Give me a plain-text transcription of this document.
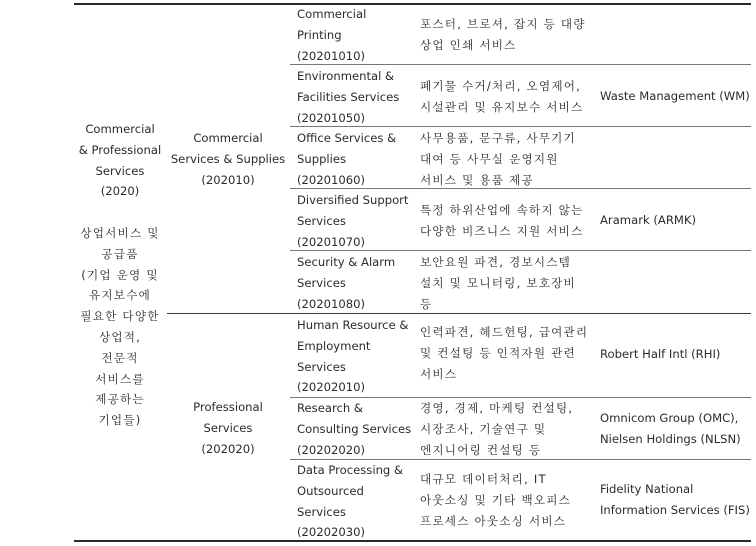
Commercial
& Professional
Services
(2020)
상업서비스 및
공급품
(기업 운영 및
유지보수에
필요한 다양한
상업적,
전문적
서비스를
제공하는
기업들)
Commercial
Services & Supplies
(202010)
Professional
Services
(202020)
Commercial
Printing
(20201010)
포스터, 브로셔, 잡지 등 대량
상업 인쇄 서비스
Environmental &
Facilities Services
(20201050)
폐기물 수거/처리, 오염제어,
시설관리 및 유지보수 서비스
Waste Management (WM)
Office Services &
Supplies
(20201060)
사무용품, 문구류, 사무기기
대여 등 사무실 운영지원
서비스 및 용품 제공
Diversified Support
Services
(20201070)
특정 하위산업에 속하지 않는
다양한 비즈니스 지원 서비스
Aramark (ARMK)
Security & Alarm
Services
(20201080)
보안요원 파견, 경보시스템
설치 및 모니터링, 보호장비
등
Human Resource &
Employment
Services
(20202010)
인력파견, 헤드헌팅, 급여관리
및 컨설팅 등 인적자원 관련
서비스
Robert Half Intl (RHI)
Research &
Consulting Services
(20202020)
경영, 경제, 마케팅 컨설팅,
시장조사, 기술연구 및
엔지니어링 컨설팅 등
Omnicom Group (OMC),
Nielsen Holdings (NLSN)
Data Processing &
Outsourced
Services
(20202030)
대규모 데이터처리, IT
아웃소싱 및 기타 백오피스
프로세스 아웃소싱 서비스
Fidelity National
Information Services (FIS)
